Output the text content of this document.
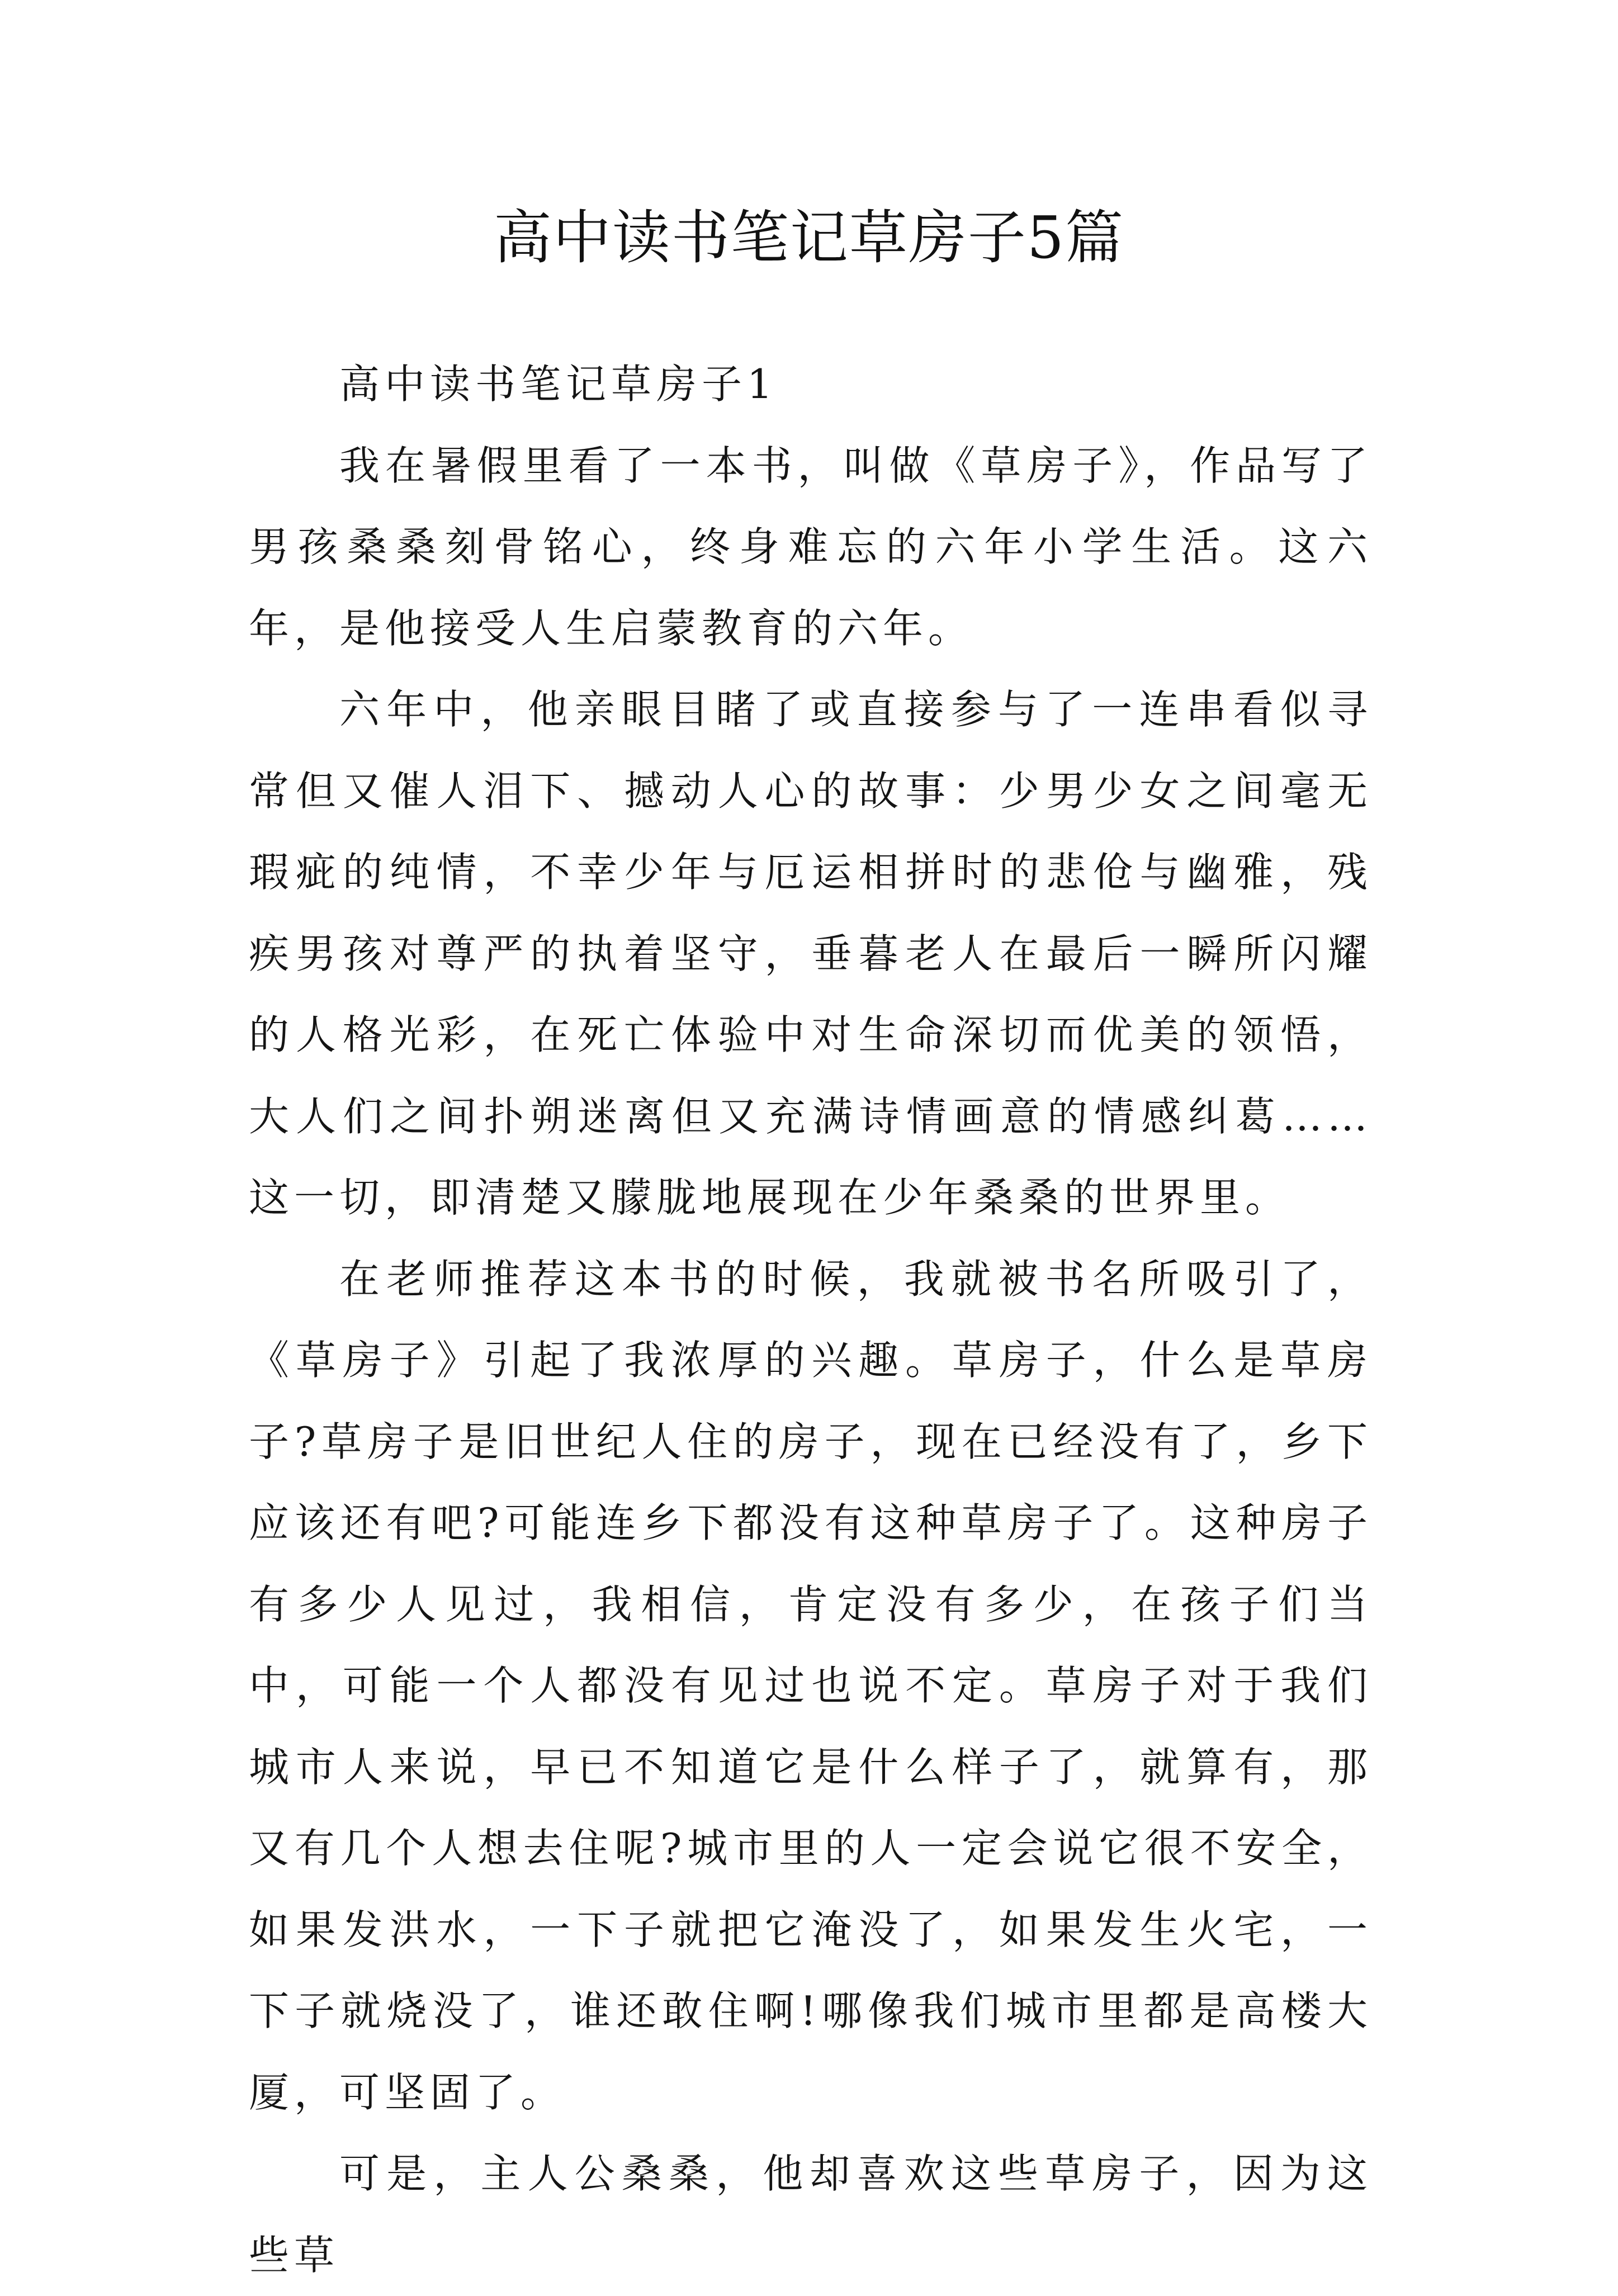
高中读书笔记草房子5篇

高中读书笔记草房子1

我在暑假里看了一本书，叫做《草房子》，作品写了男孩桑桑刻骨铭心，终身难忘的六年小学生活。这六年，是他接受人生启蒙教育的六年。

六年中，他亲眼目睹了或直接参与了一连串看似寻常但又催人泪下、撼动人心的故事：少男少女之间毫无瑕疵的纯情，不幸少年与厄运相拼时的悲伧与幽雅，残疾男孩对尊严的执着坚守，垂暮老人在最后一瞬所闪耀的人格光彩，在死亡体验中对生命深切而优美的领悟，大人们之间扑朔迷离但又充满诗情画意的情感纠葛……这一切，即清楚又朦胧地展现在少年桑桑的世界里。

在老师推荐这本书的时候，我就被书名所吸引了，《草房子》引起了我浓厚的兴趣。草房子，什么是草房子?草房子是旧世纪人住的房子，现在已经没有了，乡下应该还有吧?可能连乡下都没有这种草房子了。这种房子有多少人见过，我相信，肯定没有多少，在孩子们当中，可能一个人都没有见过也说不定。草房子对于我们城市人来说，早已不知道它是什么样子了，就算有，那又有几个人想去住呢?城市里的人一定会说它很不安全，如果发洪水，一下子就把它淹没了，如果发生火宅，一下子就烧没了，谁还敢住啊!哪像我们城市里都是高楼大厦，可坚固了。

可是，主人公桑桑，他却喜欢这些草房子，因为这些草
